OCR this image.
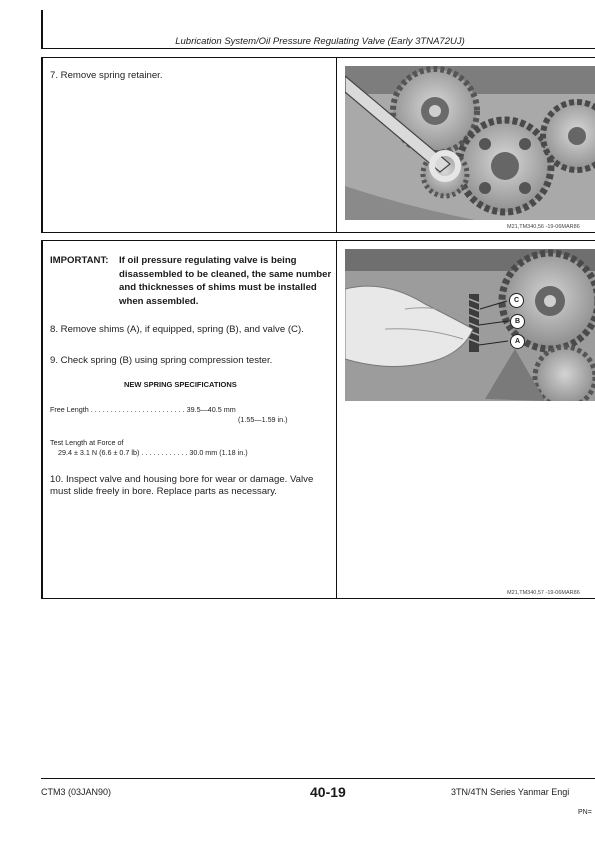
Lubrication System/Oil Pressure Regulating Valve (Early 3TNA72UJ)
7. Remove spring retainer.
M21,TM340,56 -19-06MAR86
IMPORTANT: If oil pressure regulating valve is being disassembled to be cleaned, the same number and thicknesses of shims must be installed when assembled.
8. Remove shims (A), if equipped, spring (B), and valve (C).
9. Check spring (B) using spring compression tester.
NEW SPRING SPECIFICATIONS
Free Length . . . . . . . . . . . . . . . . . . . . . . . . 39.5—40.5 mm
(1.55—1.59 in.)
Test Length at Force of
29.4 ± 3.1 N (6.6 ± 0.7 lb) . . . . . . . . . . . . 30.0 mm (1.18 in.)
10. Inspect valve and housing bore for wear or damage. Valve must slide freely in bore. Replace parts as necessary.
C
B
A
M21,TM340,57 -19-06MAR86
CTM3 (03JAN90)	40-19	3TN/4TN Series Yanmar Engi
PN=
